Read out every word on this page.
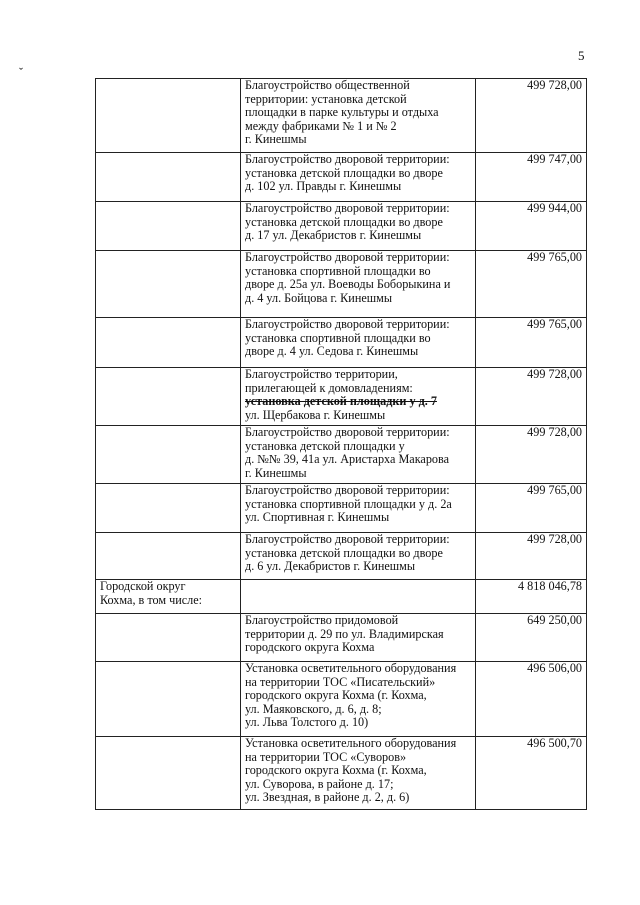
5
ˇ

	Благоустройство общественной
территории: установка детской
площадки в парке культуры и отдыха
между фабриками № 1 и № 2
г. Кинешмы	499 728,00

	Благоустройство дворовой территории:
установка детской площадки во дворе
д. 102 ул. Правды г. Кинешмы	499 747,00

	Благоустройство дворовой территории:
установка детской площадки во дворе
д. 17 ул. Декабристов г. Кинешмы	499 944,00

	Благоустройство дворовой территории:
установка спортивной площадки во
дворе д. 25а ул. Воеводы Боборыкина и
д. 4 ул. Бойцова г. Кинешмы	499 765,00

	Благоустройство дворовой территории:
установка спортивной площадки во
дворе д. 4 ул. Седова г. Кинешмы	499 765,00

	Благоустройство территории,
прилегающей к домовладениям:
установка детской площадки у д. 7
ул. Щербакова г. Кинешмы	499 728,00

	Благоустройство дворовой территории:
установка детской площадки у
д. №№ 39, 41а ул. Аристарха Макарова
г. Кинешмы	499 728,00

	Благоустройство дворовой территории:
установка спортивной площадки у д. 2а
ул. Спортивная г. Кинешмы	499 765,00

	Благоустройство дворовой территории:
установка детской площадки во дворе
д. 6 ул. Декабристов г. Кинешмы	499 728,00

Городской округ
Кохма, в том числе:		4 818 046,78

	Благоустройство придомовой
территории д. 29 по ул. Владимирская
городского округа Кохма	649 250,00

	Установка осветительного оборудования
на территории ТОС «Писательский»
городского округа Кохма (г. Кохма,
ул. Маяковского, д. 6, д. 8;
ул. Льва Толстого д. 10)	496 506,00

	Установка осветительного оборудования
на территории ТОС «Суворов»
городского округа Кохма (г. Кохма,
ул. Суворова, в районе д. 17;
ул. Звездная, в районе д. 2, д. 6)	496 500,70
